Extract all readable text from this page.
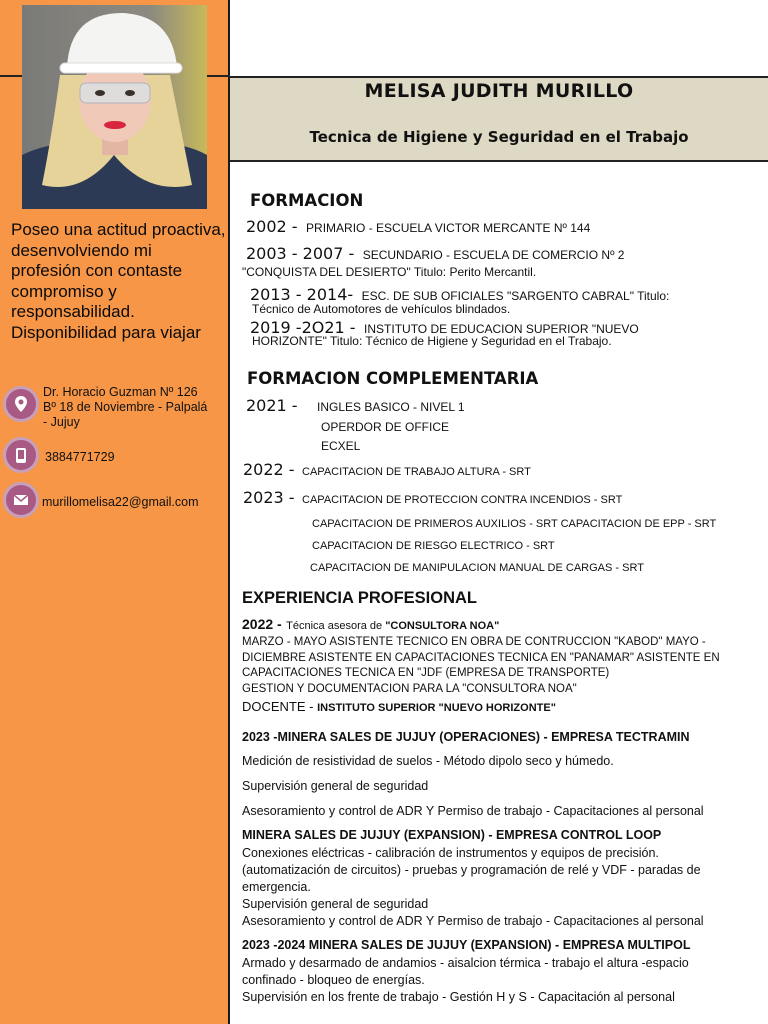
MELISA JUDITH MURILLO
Tecnica de Higiene y Seguridad en el Trabajo
Poseo una actitud proactiva, desenvolviendo mi profesión con contaste compromiso y responsabilidad. Disponibilidad para viajar
Dr. Horacio Guzman Nº 126
Bº 18 de Noviembre - Palpalá
- Jujuy
3884771729
murillomelisa22@gmail.com
FORMACION
2002 - PRIMARIO - ESCUELA VICTOR MERCANTE Nº 144
2003 - 2007 - SECUNDARIO - ESCUELA DE COMERCIO Nº 2
"CONQUISTA DEL DESIERTO" Titulo: Perito Mercantil.
2013 - 2014- ESC. DE SUB OFICIALES "SARGENTO CABRAL" Titulo:
Técnico de Automotores de vehículos blindados.
2019 -2O21 - INSTITUTO DE EDUCACION SUPERIOR "NUEVO
HORIZONTE" Titulo: Técnico de Higiene y Seguridad en el Trabajo.
FORMACION COMPLEMENTARIA
2021 - INGLES BASICO - NIVEL 1
OPERDOR DE OFFICE
ECXEL
2022 - CAPACITACION DE TRABAJO ALTURA - SRT
2023 - CAPACITACION DE PROTECCION CONTRA INCENDIOS - SRT
CAPACITACION DE PRIMEROS AUXILIOS - SRT CAPACITACION DE EPP - SRT
CAPACITACION DE RIESGO ELECTRICO - SRT
CAPACITACION DE MANIPULACION MANUAL DE CARGAS - SRT
EXPERIENCIA PROFESIONAL
2022 - Técnica asesora de "CONSULTORA NOA"
MARZO - MAYO ASISTENTE TECNICO EN OBRA DE CONTRUCCION "KABOD" MAYO -
DICIEMBRE ASISTENTE EN CAPACITACIONES TECNICA EN "PANAMAR" ASISTENTE EN
CAPACITACIONES TECNICA EN "JDF (EMPRESA DE TRANSPORTE)
GESTION Y DOCUMENTACION PARA LA "CONSULTORA NOA"
DOCENTE - INSTITUTO SUPERIOR "NUEVO HORIZONTE"
2023 -MINERA SALES DE JUJUY (OPERACIONES) - EMPRESA TECTRAMIN
Medición de resistividad de suelos - Método dipolo seco y húmedo.
Supervisión general de seguridad
Asesoramiento y control de ADR Y Permiso de trabajo - Capacitaciones al personal
MINERA SALES DE JUJUY (EXPANSION) - EMPRESA CONTROL LOOP
Conexiones eléctricas - calibración de instrumentos y equipos de precisión.
(automatización de circuitos) - pruebas y programación de relé y VDF - paradas de
emergencia.
Supervisión general de seguridad
Asesoramiento y control de ADR Y Permiso de trabajo - Capacitaciones al personal
2023 -2024 MINERA SALES DE JUJUY (EXPANSION) - EMPRESA MULTIPOL
Armado y desarmado de andamios - aisalcion térmica - trabajo el altura -espacio
confinado - bloqueo de energías.
Supervisión en los frente de trabajo - Gestión H y S - Capacitación al personal
